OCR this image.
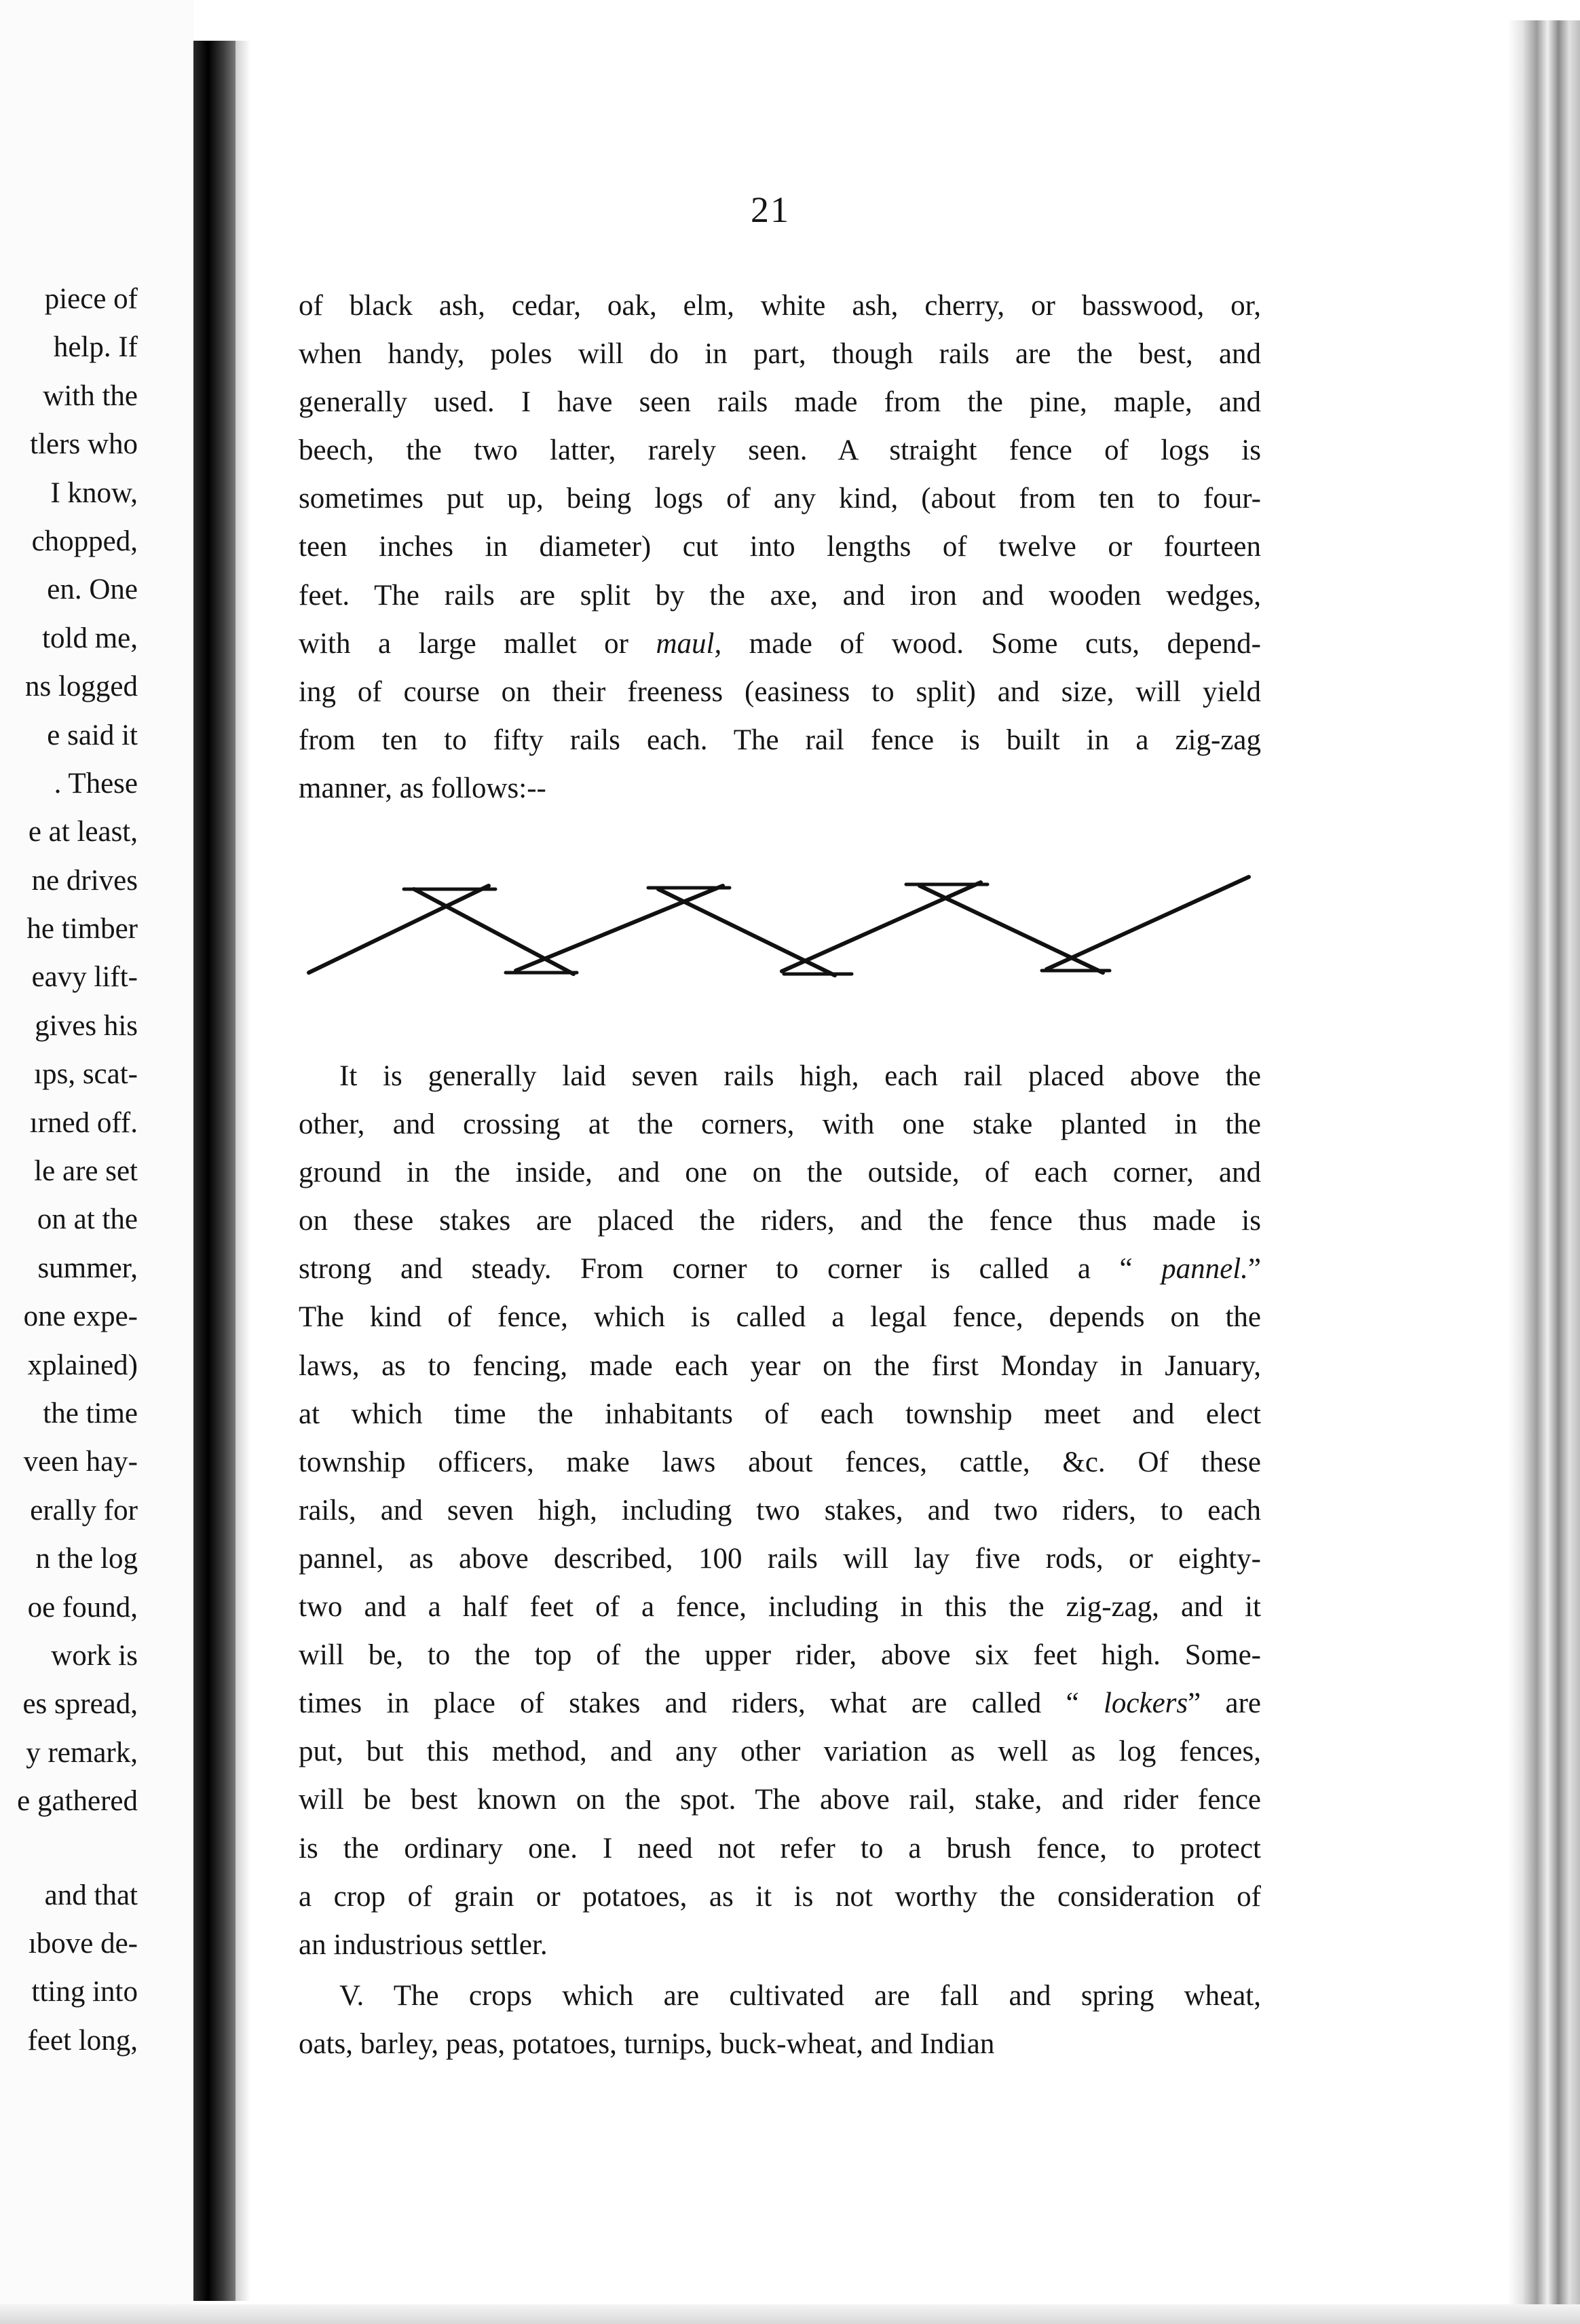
piece of
help. If
with the
tlers who
I know,
chopped,
en. One
told me,
ns logged
e said it
. These
e at least,
ne drives
he timber
eavy lift-
gives his
ıps, scat-
ırned off.
le are set
on at the
summer,
one expe-
xplained)
the time
veen hay-
erally for
n the log
oe found,
work is
es spread,
y remark,
e gathered
and that
ıbove de-
tting into
feet long,
21
of black ash, cedar, oak, elm, white ash, cherry, or basswood, or,
when handy, poles will do in part, though rails are the best, and
generally used. I have seen rails made from the pine, maple, and
beech, the two latter, rarely seen. A straight fence of logs is
sometimes put up, being logs of any kind, (about from ten to four-
teen inches in diameter) cut into lengths of twelve or fourteen
feet. The rails are split by the axe, and iron and wooden wedges,
with a large mallet or maul, made of wood. Some cuts, depend-
ing of course on their freeness (easiness to split) and size, will yield
from ten to fifty rails each. The rail fence is built in a zig-zag
manner, as follows:--
It is generally laid seven rails high, each rail placed above the
other, and crossing at the corners, with one stake planted in the
ground in the inside, and one on the outside, of each corner, and
on these stakes are placed the riders, and the fence thus made is
strong and steady. From corner to corner is called a “ pannel.”
The kind of fence, which is called a legal fence, depends on the
laws, as to fencing, made each year on the first Monday in January,
at which time the inhabitants of each township meet and elect
township officers, make laws about fences, cattle, &c. Of these
rails, and seven high, including two stakes, and two riders, to each
pannel, as above described, 100 rails will lay five rods, or eighty-
two and a half feet of a fence, including in this the zig-zag, and it
will be, to the top of the upper rider, above six feet high. Some-
times in place of stakes and riders, what are called “ lockers” are
put, but this method, and any other variation as well as log fences,
will be best known on the spot. The above rail, stake, and rider fence
is the ordinary one. I need not refer to a brush fence, to protect
a crop of grain or potatoes, as it is not worthy the consideration of
an industrious settler.
V. The crops which are cultivated are fall and spring wheat,
oats, barley, peas, potatoes, turnips, buck-wheat, and Indian
